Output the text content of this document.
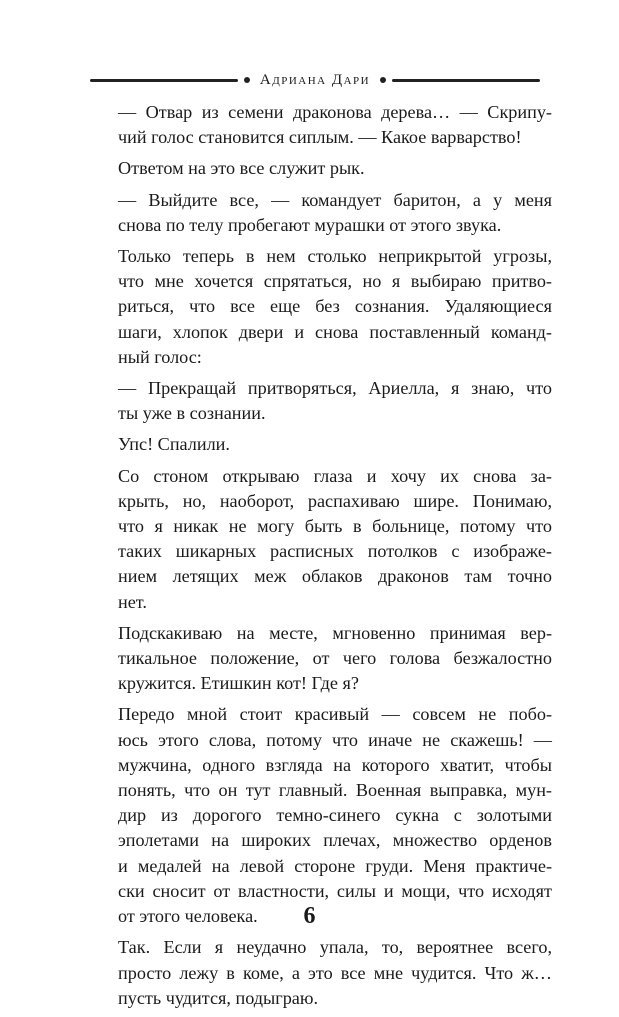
Адриана Дари

— Отвар из семени драконова дерева… — Скрипу-
чий голос становится сиплым. — Какое варварство!

Ответом на это все служит рык.

— Выйдите все, — командует баритон, а у меня
снова по телу пробегают мурашки от этого звука.

Только теперь в нем столько неприкрытой угрозы,
что мне хочется спрятаться, но я выбираю притво-
риться, что все еще без сознания. Удаляющиеся
шаги, хлопок двери и снова поставленный команд-
ный голос:

— Прекращай притворяться, Ариелла, я знаю, что
ты уже в сознании.

Упс! Спалили.

Со стоном открываю глаза и хочу их снова за-
крыть, но, наоборот, распахиваю шире. Понимаю,
что я никак не могу быть в больнице, потому что
таких шикарных расписных потолков с изображе-
нием летящих меж облаков драконов там точно
нет.

Подскакиваю на месте, мгновенно принимая вер-
тикальное положение, от чего голова безжалостно
кружится. Етишкин кот! Где я?

Передо мной стоит красивый — совсем не побо-
юсь этого слова, потому что иначе не скажешь! —
мужчина, одного взгляда на которого хватит, чтобы
понять, что он тут главный. Военная выправка, мун-
дир из дорогого темно-синего сукна с золотыми
эполетами на широких плечах, множество орденов
и медалей на левой стороне груди. Меня практиче-
ски сносит от властности, силы и мощи, что исходят
от этого человека.

Так. Если я неудачно упала, то, вероятнее всего,
просто лежу в коме, а это все мне чудится. Что ж…
пусть чудится, подыграю.

6
